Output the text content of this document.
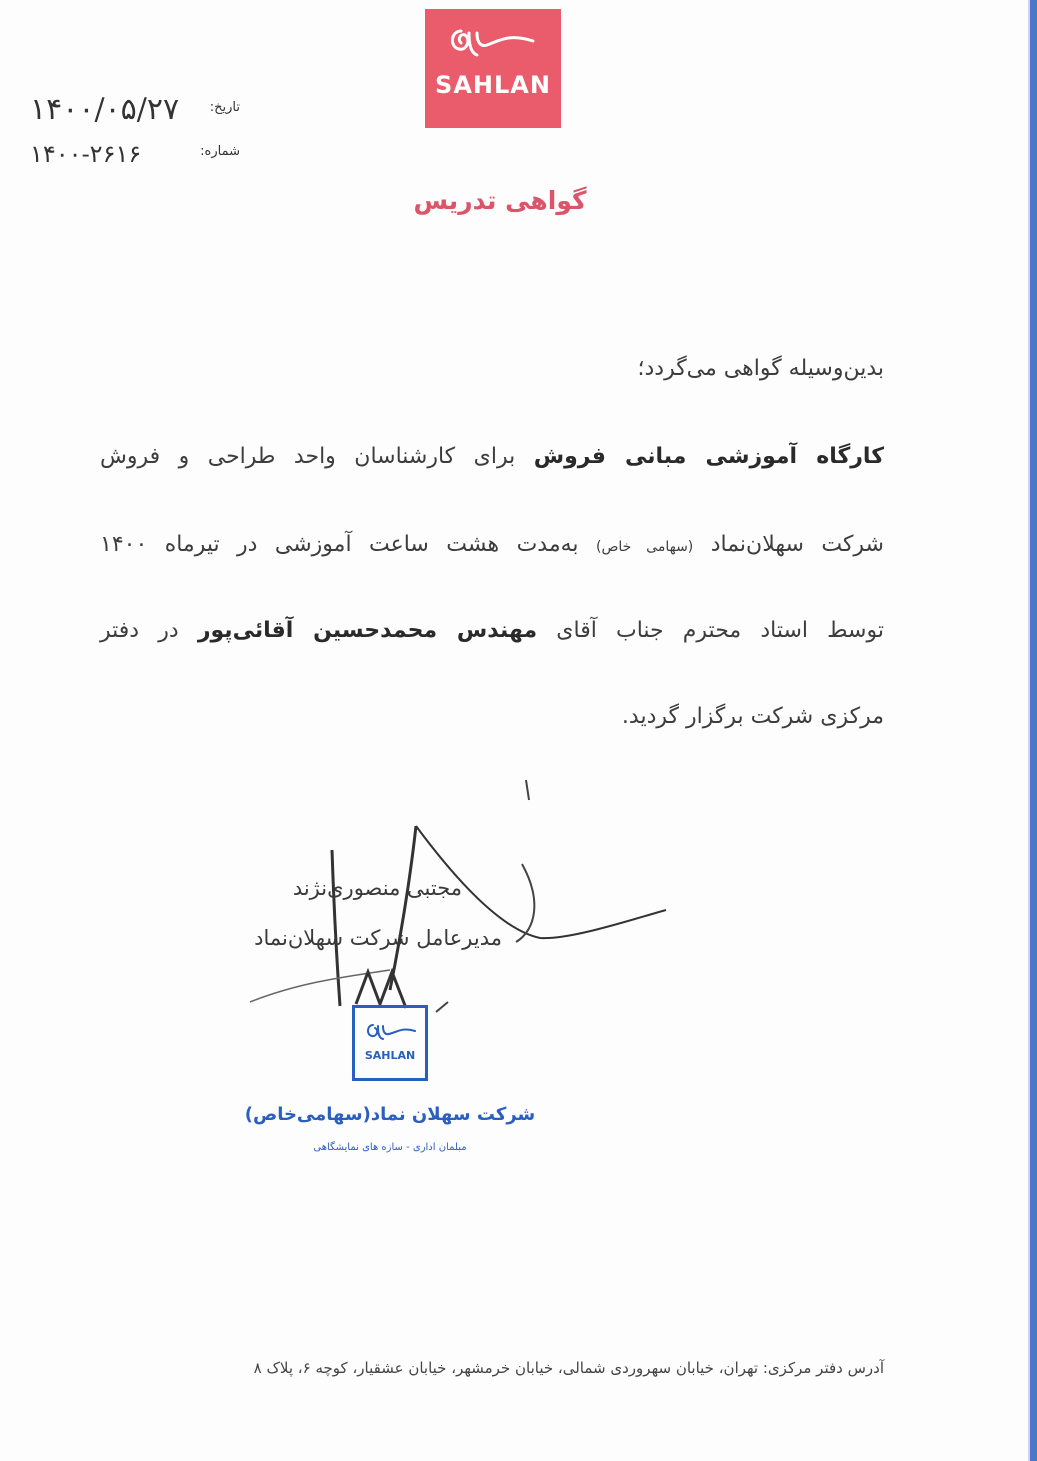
SAHLAN
تاریخ:
۱۴۰۰/۰۵/۲۷
شماره:
۱۴۰۰-۲۶۱۶
گواهی تدریس
بدین‌وسیله گواهی می‌گردد؛
کارگاه آموزشی مبانی فروش برای کارشناسان واحد طراحی و فروش
شرکت سهلان‌نماد (سهامی خاص) به‌مدت هشت ساعت آموزشی در تیرماه ۱۴۰۰
توسط استاد محترم جناب آقای مهندس محمدحسین آقائی‌پور در دفتر
مرکزی شرکت برگزار گردید.
مجتبی منصوری‌نژند
مدیرعامل شرکت سهلان‌نماد
SAHLAN
شرکت سهلان نماد(سهامی‌خاص)
مبلمان اداری - سازه های نمایشگاهی
آدرس دفتر مرکزی: تهران، خیابان سهروردی شمالی، خیابان خرمشهر، خیابان عشقیار، کوچه ۶، پلاک ۸
